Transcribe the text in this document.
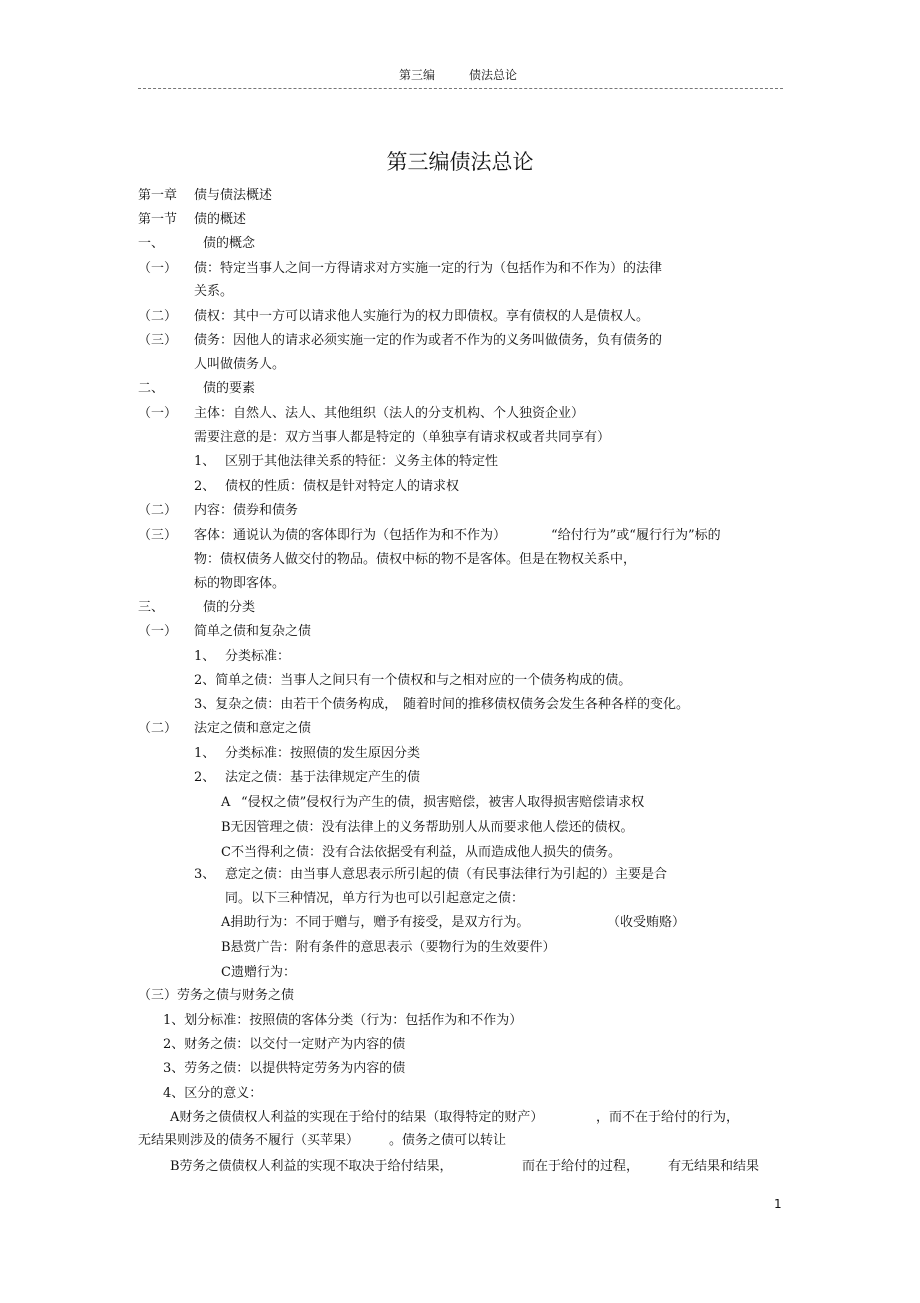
第三编	债法总论
第三编债法总论
第一章 债与债法概述
第一节 债的概述
一、	债的概念
（一） 债：特定当事人之间一方得请求对方实施一定的行为（包括作为和不作为）的法律
关系。
（二） 债权：其中一方可以请求他人实施行为的权力即债权。享有债权的人是债权人。
（三） 债务：因他人的请求必须实施一定的作为或者不作为的义务叫做债务，负有债务的
人叫做债务人。
二、	债的要素
（一） 主体：自然人、法人、其他组织（法人的分支机构、个人独资企业）
需要注意的是：双方当事人都是特定的（单独享有请求权或者共同享有）
1、 区别于其他法律关系的特征：义务主体的特定性
2、 债权的性质：债权是针对特定人的请求权
（二） 内容：债券和债务
（三） 客体：通说认为债的客体即行为（包括作为和不作为）	“给付行为”或“履行行为”标的
物：债权债务人做交付的物品。债权中标的物不是客体。但是在物权关系中，
标的物即客体。
三、	债的分类
（一） 简单之债和复杂之债
1、 分类标准：
2、简单之债：当事人之间只有一个债权和与之相对应的一个债务构成的债。
3、复杂之债：由若干个债务构成， 随着时间的推移债权债务会发生各种各样的变化。
（二） 法定之债和意定之债
1、 分类标准：按照债的发生原因分类
2、 法定之债：基于法律规定产生的债
A “侵权之债”侵权行为产生的债，损害赔偿，被害人取得损害赔偿请求权
B无因管理之债：没有法律上的义务帮助别人从而要求他人偿还的债权。
C不当得利之债：没有合法依据受有利益，从而造成他人损失的债务。
3、 意定之债：由当事人意思表示所引起的债（有民事法律行为引起的）主要是合
同。以下三种情况，单方行为也可以引起意定之债：
A捐助行为：不同于赠与，赠予有接受，是双方行为。	（收受贿赂）
B悬赏广告：附有条件的意思表示（要物行为的生效要件）
C遗赠行为：
（三）劳务之债与财务之债
1、划分标准：按照债的客体分类（行为：包括作为和不作为）
2、财务之债：以交付一定财产为内容的债
3、劳务之债：以提供特定劳务为内容的债
4、区分的意义：
A财务之债债权人利益的实现在于给付的结果（取得特定的财产）	，而不在于给付的行为，
无结果则涉及的债务不履行（买苹果） 。债务之债可以转让
B劳务之债债权人利益的实现不取决于给付结果，	而在于给付的过程， 有无结果和结果
1
